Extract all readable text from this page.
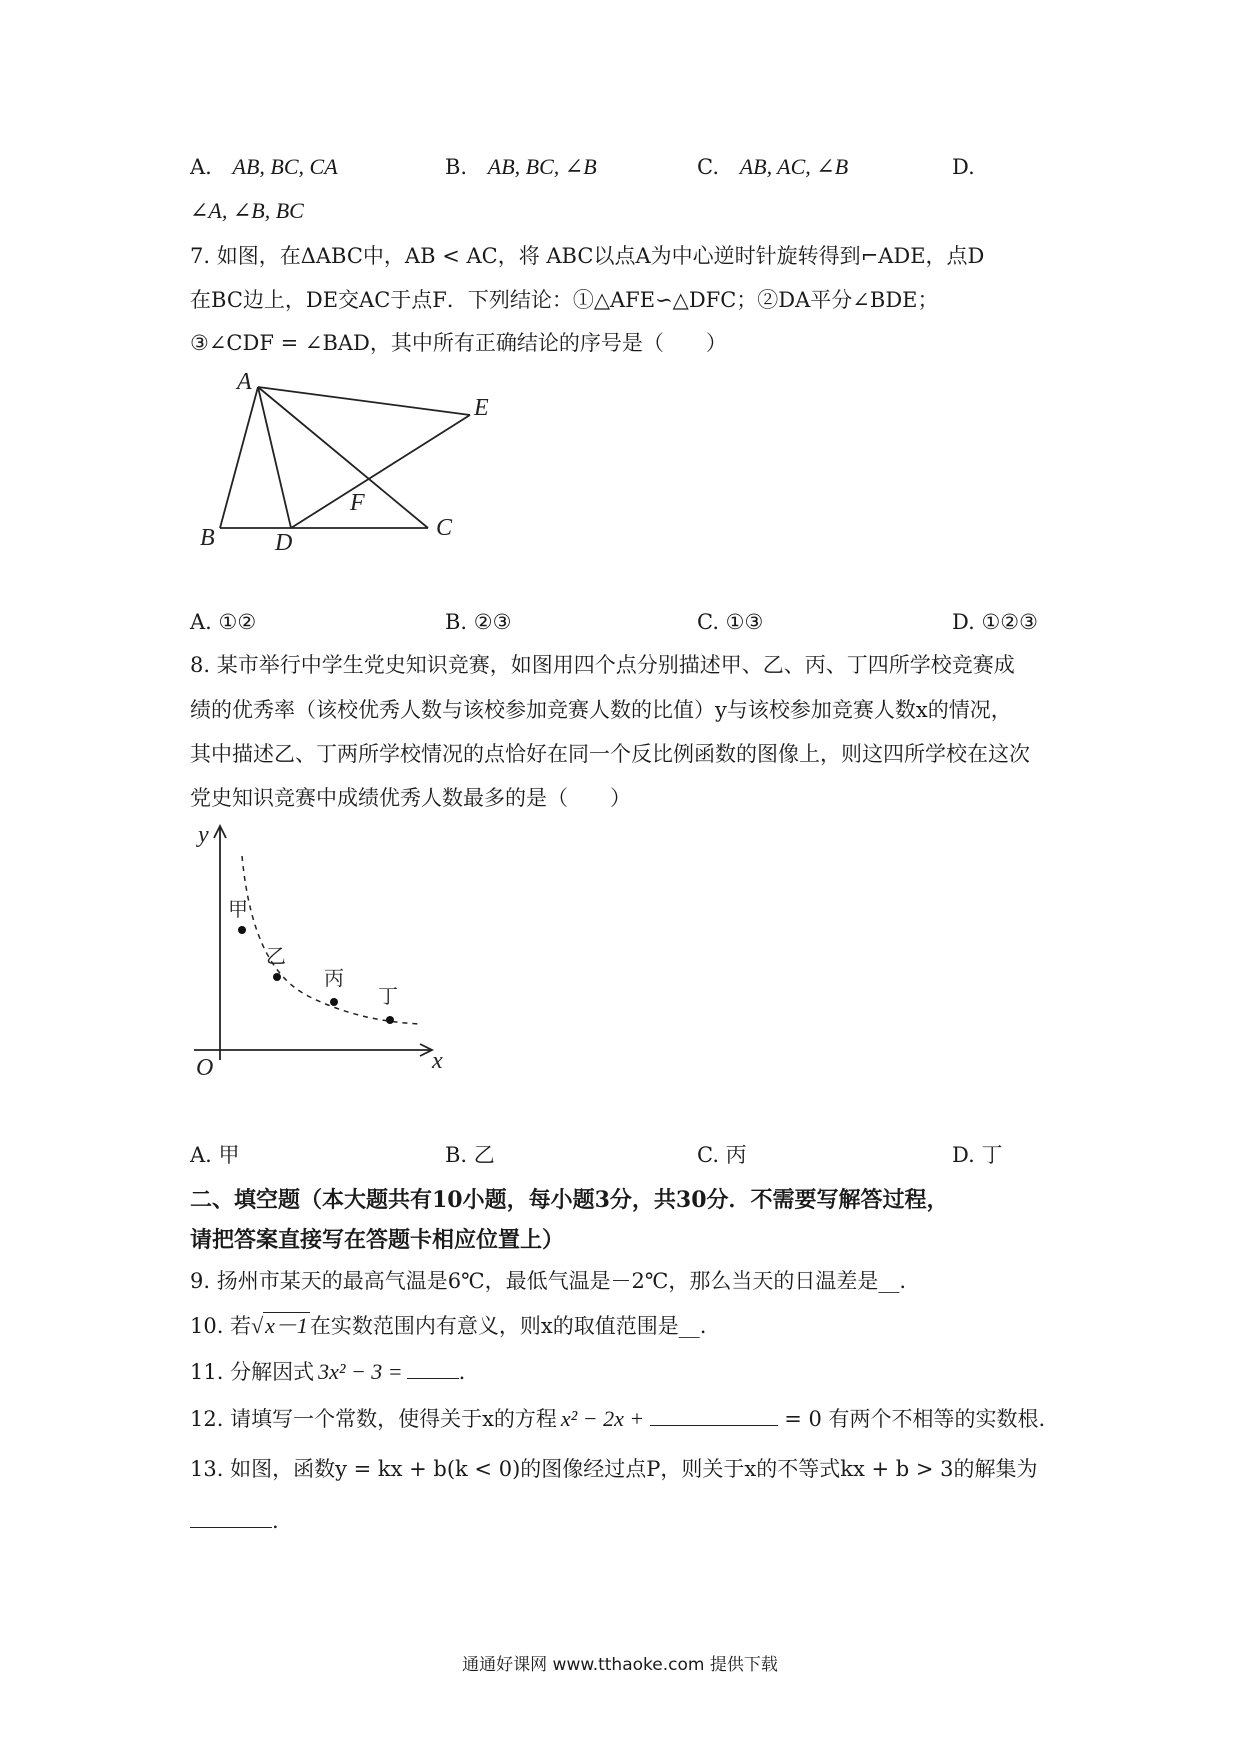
A. AB, BC, CA	B. AB, BC, ∠B	C. AB, AC, ∠B	D.
∠A, ∠B, BC
7. 如图，在ΔABC中，AB < AC，将 ABC以点A为中心逆时针旋转得到⌐ADE，点D
在BC边上，DE交AC于点F．下列结论：①△AFE∽△DFC；②DA平分∠BDE；
③∠CDF = ∠BAD，其中所有正确结论的序号是（　　）
A
B	D
C
E
F
A. ①②	B. ②③	C. ①③	D. ①②③
8. 某市举行中学生党史知识竞赛，如图用四个点分别描述甲、乙、丙、丁四所学校竞赛成
绩的优秀率（该校优秀人数与该校参加竞赛人数的比值）y与该校参加竞赛人数x的情况，
其中描述乙、丁两所学校情况的点恰好在同一个反比例函数的图像上，则这四所学校在这次
党史知识竞赛中成绩优秀人数最多的是（　　）
y
x
O
甲
乙
丙
丁
A. 甲	B. 乙	C. 丙	D. 丁
二、填空题（本大题共有10小题，每小题3分，共30分．不需要写解答过程，
请把答案直接写在答题卡相应位置上）
9. 扬州市某天的最高气温是6℃，最低气温是－2℃，那么当天的日温差是__.
10. 若√x－1在实数范围内有意义，则x的取值范围是__.
11. 分解因式 3x² − 3 =	.
12. 请填写一个常数，使得关于x的方程 x² − 2x +	= 0 有两个不相等的实数根.
13. 如图，函数y = kx + b(k < 0)的图像经过点P，则关于x的不等式kx + b > 3的解集为
.
通通好课网 www.tthaoke.com 提供下载
